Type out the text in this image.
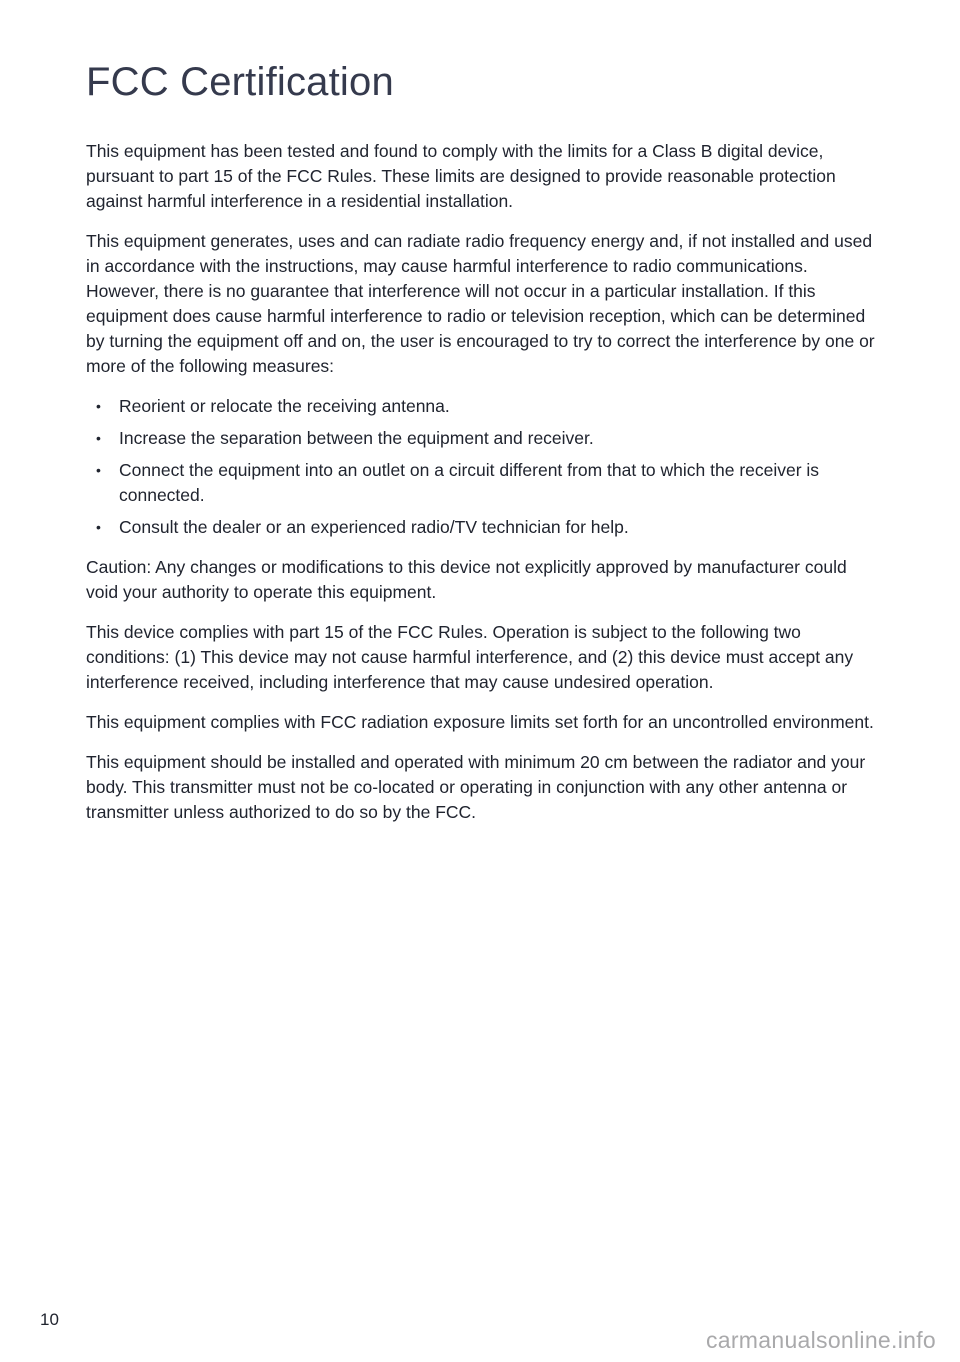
FCC Certification

This equipment has been tested and found to comply with the limits for a Class B digital device, pursuant to part 15 of the FCC Rules. These limits are designed to provide reasonable protection against harmful interference in a residential installation.

This equipment generates, uses and can radiate radio frequency energy and, if not installed and used in accordance with the instructions, may cause harmful interference to radio communications. However, there is no guarantee that interference will not occur in a particular installation. If this equipment does cause harmful interference to radio or television reception, which can be determined by turning the equipment off and on, the user is encouraged to try to correct the interference by one or more of the following measures:

• Reorient or relocate the receiving antenna.
• Increase the separation between the equipment and receiver.
• Connect the equipment into an outlet on a circuit different from that to which the receiver is connected.
• Consult the dealer or an experienced radio/TV technician for help.

Caution: Any changes or modifications to this device not explicitly approved by manufacturer could void your authority to operate this equipment.

This device complies with part 15 of the FCC Rules. Operation is subject to the following two conditions: (1) This device may not cause harmful interference, and (2) this device must accept any interference received, including interference that may cause undesired operation.

This equipment complies with FCC radiation exposure limits set forth for an uncontrolled environment.

This equipment should be installed and operated with minimum 20 cm between the radiator and your body. This transmitter must not be co-located or operating in conjunction with any other antenna or transmitter unless authorized to do so by the FCC.

10
carmanualsonline.info
